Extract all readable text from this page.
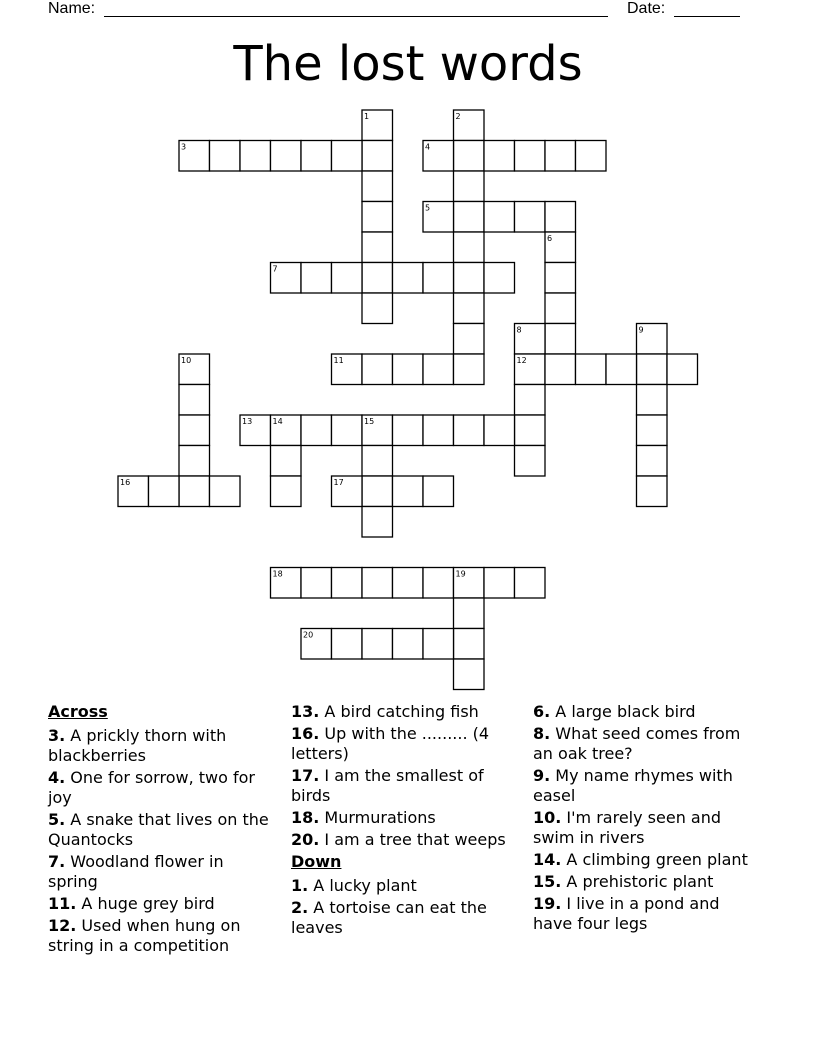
Name:	Date:
The lost words
1	2
3	4
5
6
7
8	9
10	11	12
13	14	15
16	17
18	19
20
Across
3. A prickly thorn with blackberries
4. One for sorrow, two for joy
5. A snake that lives on the Quantocks
7. Woodland flower in spring
11. A huge grey bird
12. Used when hung on string in a competition
13. A bird catching fish
16. Up with the ......... (4 letters)
17. I am the smallest of birds
18. Murmurations
20. I am a tree that weeps
Down
1. A lucky plant
2. A tortoise can eat the leaves
6. A large black bird
8. What seed comes from an oak tree?
9. My name rhymes with easel
10. I'm rarely seen and swim in rivers
14. A climbing green plant
15. A prehistoric plant
19. I live in a pond and have four legs
